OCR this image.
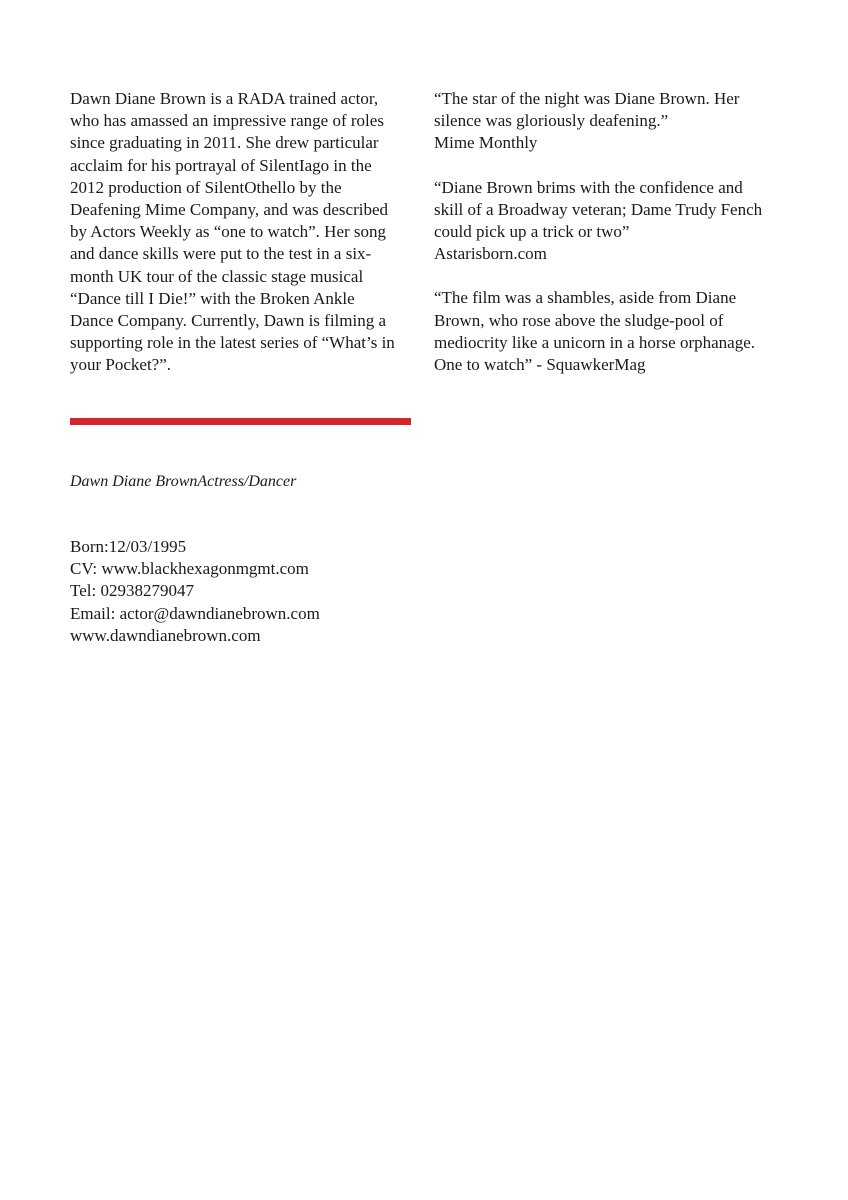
Dawn Diane Brown is a RADA trained actor,
who has amassed an impressive range of roles
since graduating in 2011. She drew particular
acclaim for his portrayal of SilentIago in the
2012 production of SilentOthello by the
Deafening Mime Company, and was described
by Actors Weekly as “one to watch”. Her song
and dance skills were put to the test in a six-
month UK tour of the classic stage musical
“Dance till I Die!” with the Broken Ankle
Dance Company. Currently, Dawn is filming a
supporting role in the latest series of “What’s in
your Pocket?”.
“The star of the night was Diane Brown. Her
silence was gloriously deafening.”
Mime Monthly
“Diane Brown brims with the confidence and
skill of a Broadway veteran; Dame Trudy Fench
could pick up a trick or two”
Astarisborn.com
“The film was a shambles, aside from Diane
Brown, who rose above the sludge-pool of
mediocrity like a unicorn in a horse orphanage.
One to watch” - SquawkerMag
Dawn Diane BrownActress/Dancer
Born:12/03/1995
CV: www.blackhexagonmgmt.com
Tel: 02938279047
Email: actor@dawndianebrown.com
www.dawndianebrown.com
